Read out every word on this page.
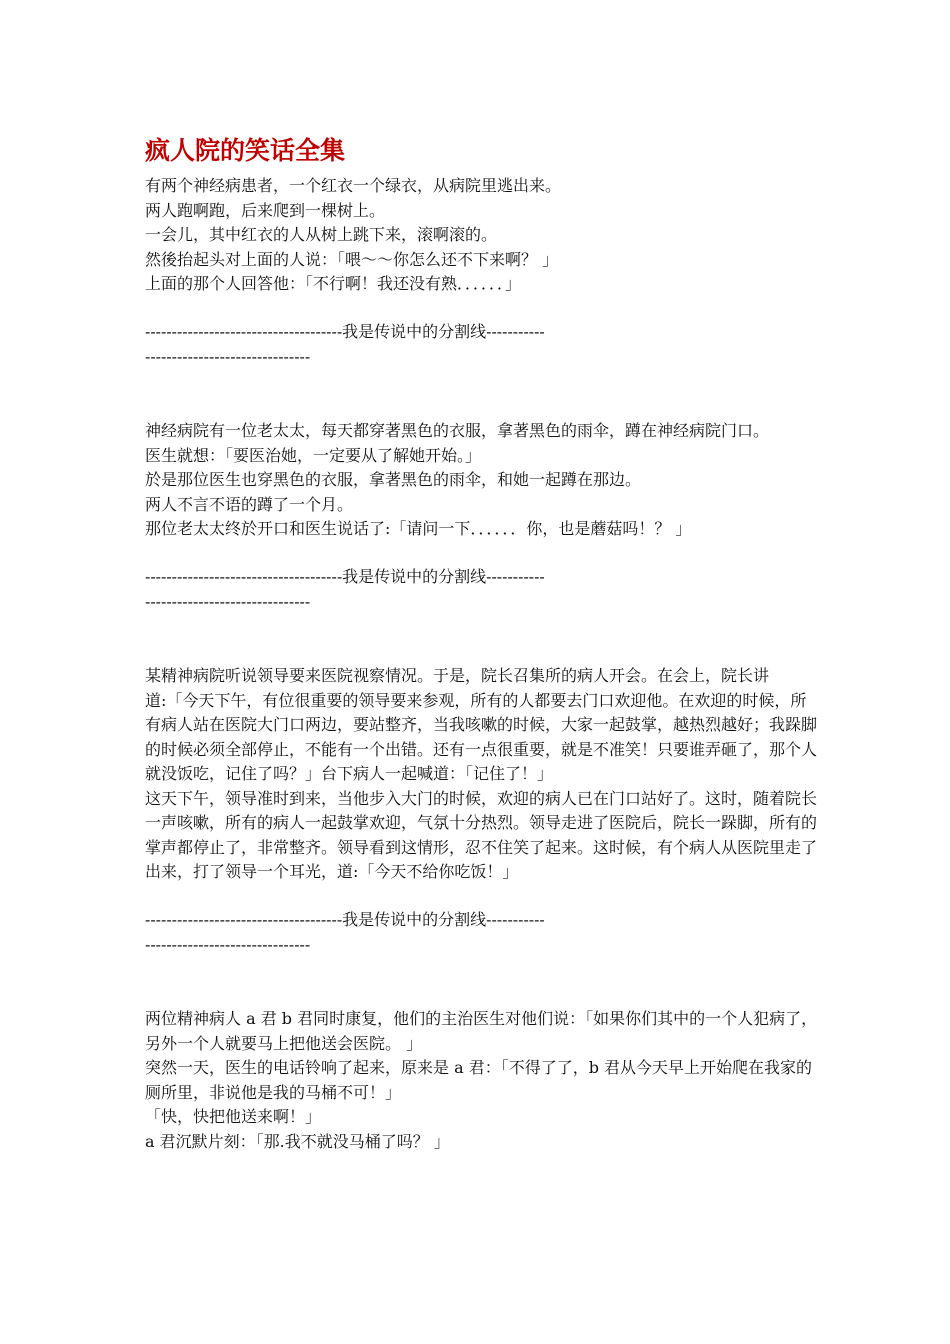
疯人院的笑话全集

有两个神经病患者，一个红衣一个绿衣，从病院里逃出来。

两人跑啊跑，后来爬到一棵树上。

一会儿，其中红衣的人从树上跳下来，滚啊滚的。

然後抬起头对上面的人说：「喂～～你怎么还不下来啊？ 」

上面的那个人回答他：「不行啊！我还没有熟．．．．．．」

-------------------------------------我是传说中的分割线------------------------------------------

神经病院有一位老太太，每天都穿著黑色的衣服，拿著黑色的雨伞，蹲在神经病院门口。

医生就想：「要医治她，一定要从了解她开始。」

於是那位医生也穿黑色的衣服，拿著黑色的雨伞，和她一起蹲在那边。

两人不言不语的蹲了一个月。

那位老太太终於开口和医生说话了:「请问一下．．．．．．你，也是蘑菇吗！？ 」

-------------------------------------我是传说中的分割线------------------------------------------

某精神病院听说领导要来医院视察情况。于是，院长召集所的病人开会。在会上，院长讲

道:「今天下午，有位很重要的领导要来参观，所有的人都要去门口欢迎他。在欢迎的时候，所有病人站在医院大门口两边，要站整齐，当我咳嗽的时候，大家一起鼓掌，越热烈越好；我跺脚的时候必须全部停止，不能有一个出错。还有一点很重要，就是不准笑！只要谁弄砸了，那个人就没饭吃，记住了吗？」台下病人一起喊道：「记住了！」

这天下午，领导准时到来，当他步入大门的时候，欢迎的病人已在门口站好了。这时，随着院长一声咳嗽，所有的病人一起鼓掌欢迎，气氛十分热烈。领导走进了医院后，院长一跺脚，所有的掌声都停止了，非常整齐。领导看到这情形，忍不住笑了起来。这时候，有个病人从医院里走了出来，打了领导一个耳光，道:「今天不给你吃饭！」

-------------------------------------我是传说中的分割线------------------------------------------

两位精神病人 a 君 b 君同时康复，他们的主治医生对他们说：「如果你们其中的一个人犯病了，另外一个人就要马上把他送会医院。 」

突然一天，医生的电话铃响了起来，原来是 a 君：「不得了了，b 君从今天早上开始爬在我家的厕所里，非说他是我的马桶不可！」

「快，快把他送来啊！」

a 君沉默片刻：「那.我不就没马桶了吗？ 」
